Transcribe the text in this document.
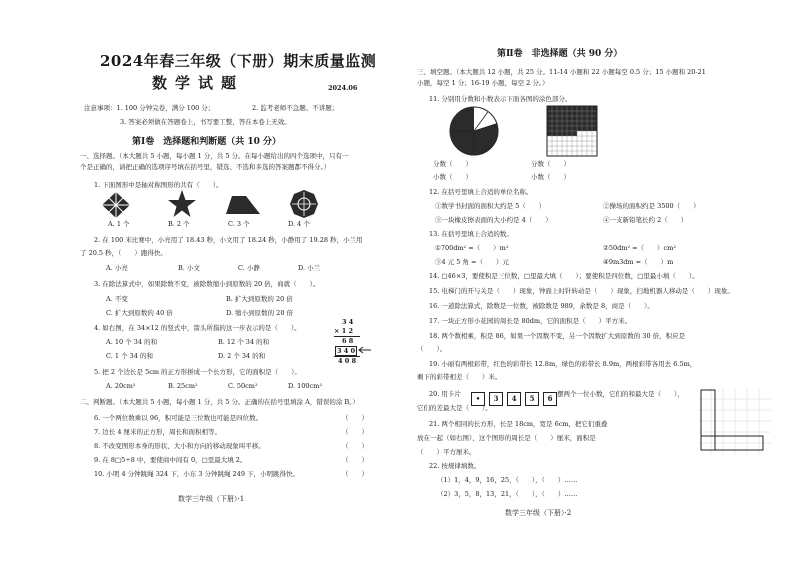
2024年春三年级（下册）期末质量监测
数学试题	2024.06
注意事项：1. 100 分钟完卷，满分 100 分；	2. 监考老师不急题、不讲题；
3. 答案必须做在答题卷上，书写要工整，答在本卷上无效。
第Ⅰ卷　选择题和判断题（共 10 分）
一、选择题。（本大题共 5 小题，每小题 1 分，共 5 分。在每小题给出的四个选项中，只有一
个是正确的，请把正确的选项序号填在括号里，错选、不选和多选的答案题都不得分。）
1. 下面图形中是轴对称图形的共有（　　）。
A. 1 个	B. 2 个	C. 3 个	D. 4 个
2. 在 100 米比赛中，小亮用了 18.43 秒，小文用了 18.24 秒，小静用了 19.28 秒，小兰用
了 20.5 秒，（　　）跑得快。
A. 小亮	B. 小文	C. 小静	D. 小兰
3. 在除法算式中，如果除数不变，被除数缩小到原数的 20 倍，商就（　　）。
A. 不变	B. 扩大到原数的 20 倍
C. 扩大到原数的 40 倍	D. 缩小到原数的 20 倍
4. 如右图，在 34×12 的竖式中，箭头所指的这一步表示的是（　　）。
A. 10 个 34 的和	B. 12 个 34 的和
C. 1 个 34 的和	D. 2 个 34 的和
3 4
× 1 2
6 8
3 4 0
4 0 8
5. 把 2 个边长是 5cm 的正方形拼成一个长方形，它的面积是（　　）。
A. 20cm²	B. 25cm²	C. 50cm²	D. 100cm²
二、判断题。（本大题共 5 小题，每小题 1 分，共 5 分。正确的在括号里填涂 A，错误的涂 B。）
6. 一个两位数乘以 96，积可能是三位数也可能是四位数。	（　　）
7. 边长 4 厘米的正方形，周长和面积相等。	（　　）
8. 不改变图形本身的形状、大小和方向的移动现象叫平移。	（　　）
9. 在 8□5÷8 中，要使商中间有 0，□里最大填 2。	（　　）
10. 小明 4 分钟跳绳 324 下，小东 3 分钟跳绳 249 下，小明跳得快。	（　　）
数学三年级（下册）·1
第Ⅱ卷　非选择题（共 90 分）
三、填空题。（本大题共 12 小题，共 25 分。11-14 小题和 22 小题每空 0.5 分；15 小题和 20-21
小题，每空 1 分；16-19 小题，每空 2 分。）
11. 分别用分数和小数表示下面各图的涂色部分。
分数（　　）	分数（　　）
小数（　　）	小数（　　）
12. 在括号里填上合适的单位名称。
①数学书封面的面积大约是 5（　　）	②操场的面积约是 3500（　　）
③一块橡皮擦表面的大小约是 4（　　）	④一支新铅笔长约 2（　　）
13. 在括号里填上合适的数。
①700dm² =（　　）m²	②50dm² =（　　）cm²
③4 元 5 角 =（　　）元	④9m3dm =（　　）m
14. □46×3，要使积是三位数，□里最大填（　　）；要使积是四位数，□里最小填（　　）。
15. 电梯门的开与关是（　　）现象，钟面上时针转动是（　　）现象，扫地机器人移动是（　　）现象。
16. 一道除法算式，除数是一位数，被除数是 989，余数是 8，商是（　　）。
17. 一块正方形小花园的周长是 80dm，它的面积是（　　）平方米。
18. 两个数相乘，积是 86，如果一个因数不变，另一个因数扩大到原数的 30 倍，积应是
（　　）。
19. 小丽有两根彩带，红色的彩带长 12.8m，绿色的彩带长 8.9m，两根彩带各用去 6.5m，
剩下的彩带相差（　　）米。
20. 用卡片	• 3 4 5 6 摆两个一位小数，它们的和最大是（　　），
它们的差最大是（　　）。
21. 两个相同的长方形，长是 18cm，宽是 6cm，把它们重叠
放在一起（如右图），这个图形的周长是（　　）厘米，面积是
（　　）平方厘米。
22. 按规律填数。
（1）1，4，9，16，25，（　　），（　　）……
（2）3，5，8，13，21，（　　），（　　）……
数学三年级（下册）·2
